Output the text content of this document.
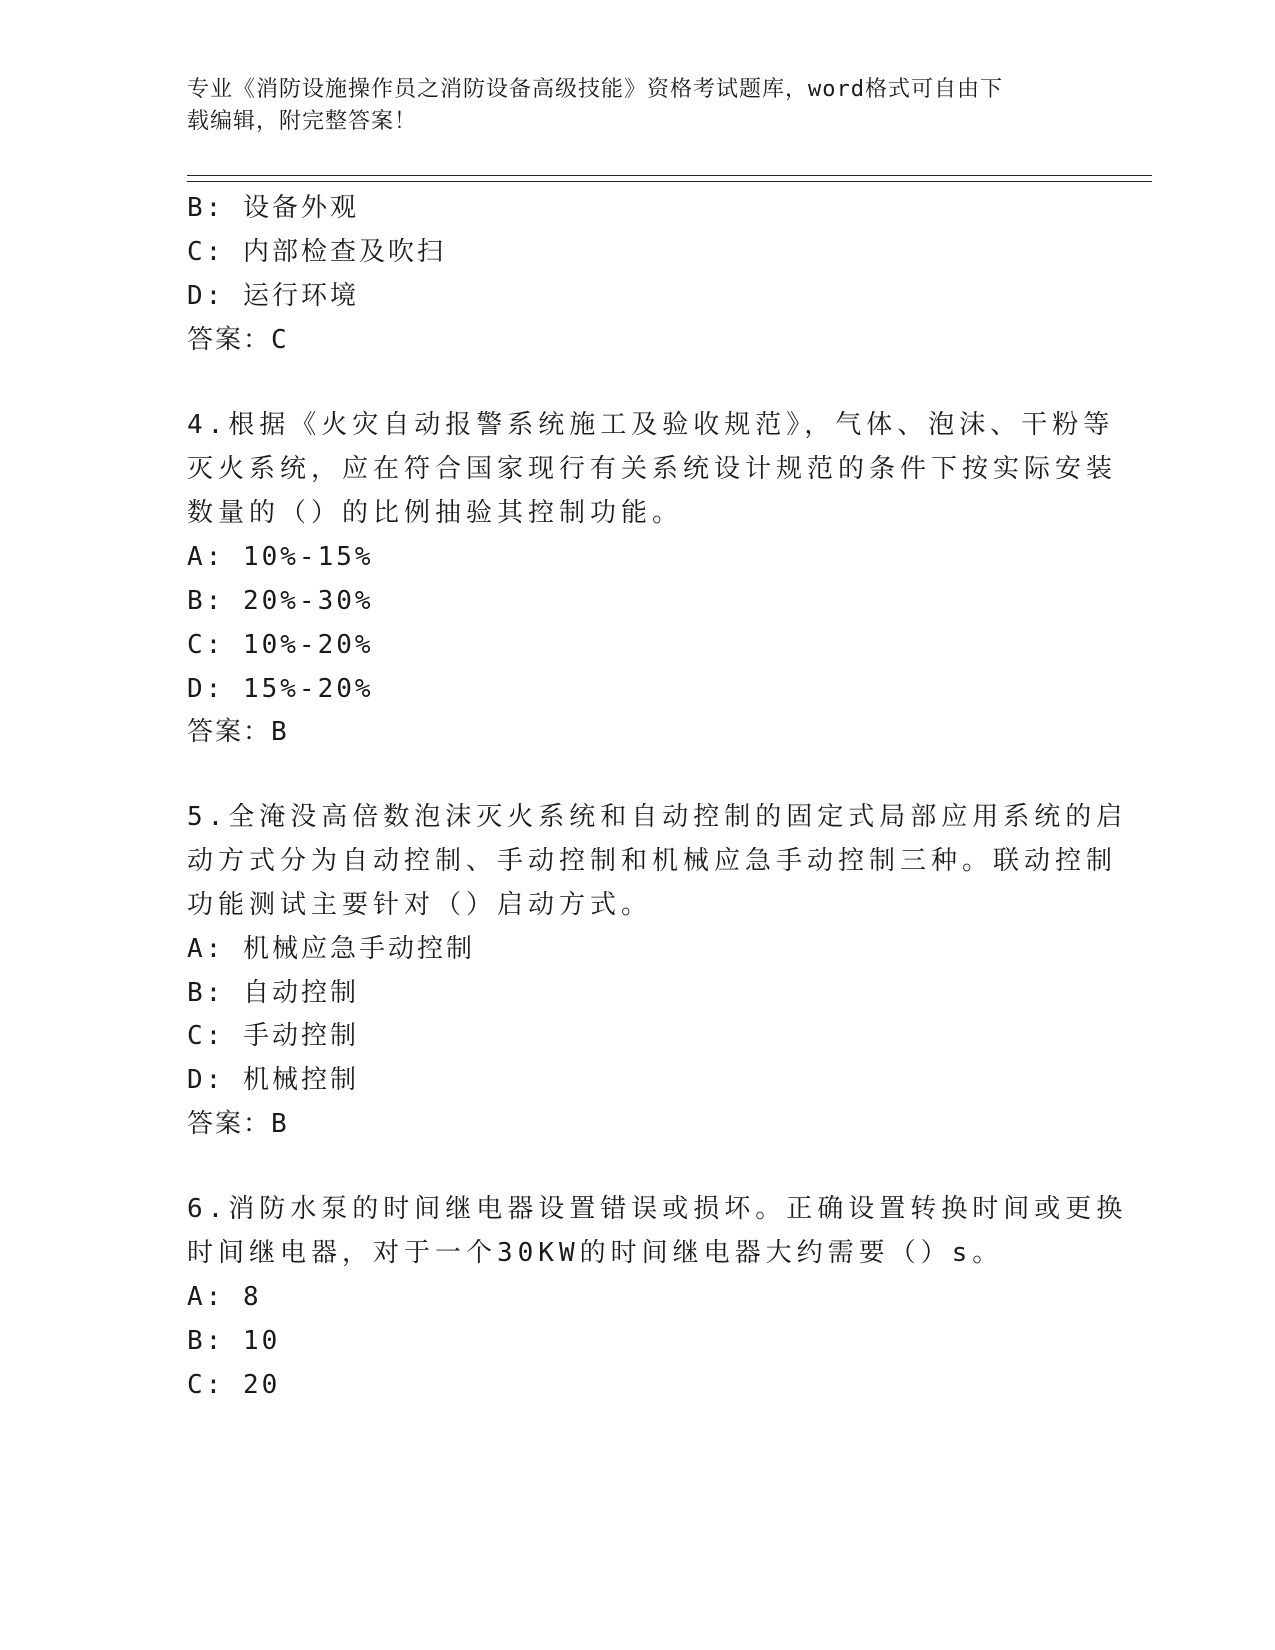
专业《消防设施操作员之消防设备高级技能》资格考试题库，word格式可自由下
载编辑，附完整答案！
B: 设备外观
C: 内部检查及吹扫
D: 运行环境
答案：C
4.根据《火灾自动报警系统施工及验收规范》，气体、泡沫、干粉等
灭火系统，应在符合国家现行有关系统设计规范的条件下按实际安装
数量的（）的比例抽验其控制功能。
A: 10%-15%
B: 20%-30%
C: 10%-20%
D: 15%-20%
答案：B
5.全淹没高倍数泡沫灭火系统和自动控制的固定式局部应用系统的启
动方式分为自动控制、手动控制和机械应急手动控制三种。联动控制
功能测试主要针对（）启动方式。
A: 机械应急手动控制
B: 自动控制
C: 手动控制
D: 机械控制
答案：B
6.消防水泵的时间继电器设置错误或损坏。正确设置转换时间或更换
时间继电器，对于一个30KW的时间继电器大约需要（）s。
A: 8
B: 10
C: 20
